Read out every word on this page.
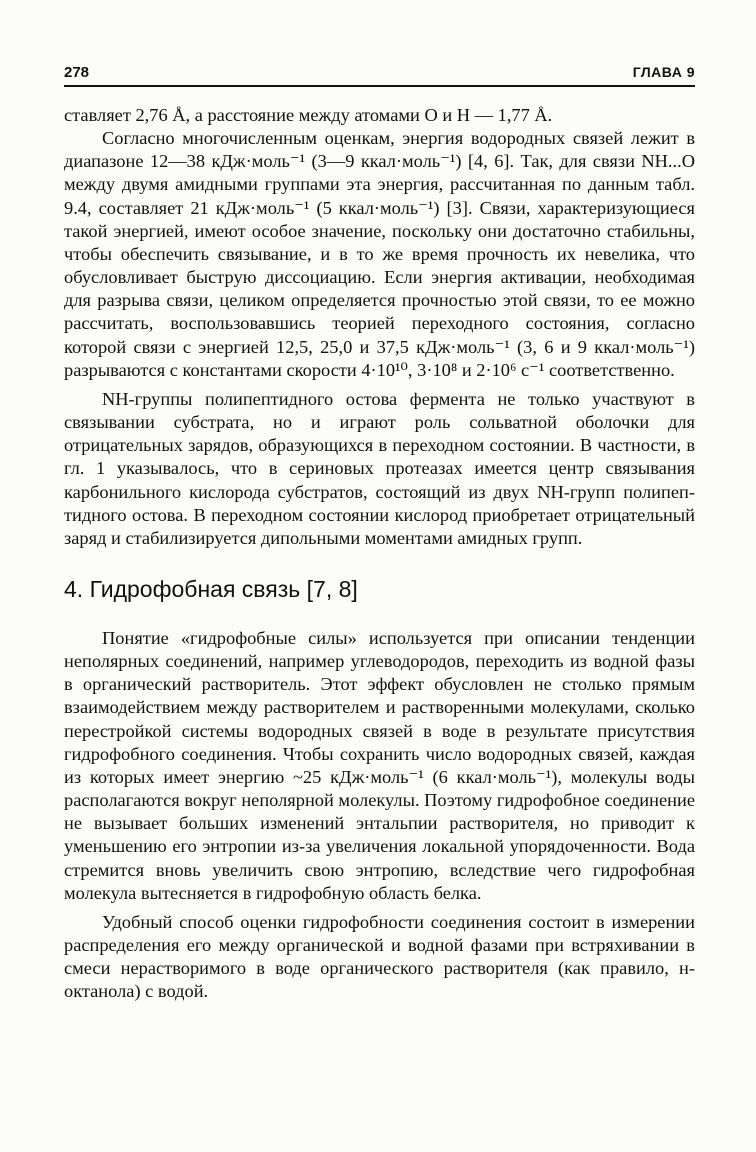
278	ГЛАВА 9

ставляет 2,76 Å, а расстояние между атомами O и H — 1,77 Å.

Согласно многочисленным оценкам, энергия водородных связей лежит в диапазоне 12—38 кДж·моль⁻¹ (3—9 ккал·моль⁻¹) [4, 6]. Так, для связи NH...O между двумя амидными группами эта энергия, рассчитанная по данным табл. 9.4, составляет 21 кДж·моль⁻¹ (5 ккал·моль⁻¹) [3]. Связи, характеризующиеся такой энергией, имеют особое значение, поскольку они достаточно стабильны, чтобы обеспечить связывание, и в то же время прочность их невелика, что обусловливает быструю диссоциацию. Если энергия активации, необходимая для разрыва связи, целиком определяется прочностью этой связи, то ее можно рассчитать, воспользовавшись теорией переходного состояния, согласно которой связи с энергией 12,5, 25,0 и 37,5 кДж·моль⁻¹ (3, 6 и 9 ккал·моль⁻¹) разрываются с константами скорости 4·10¹⁰, 3·10⁸ и 2·10⁶ с⁻¹ соответственно.

NH-группы полипептидного остова фермента не только участвуют в связывании субстрата, но и играют роль сольватной оболочки для отрицательных зарядов, образующихся в переходном состоянии. В частности, в гл. 1 указывалось, что в сериновых протеазах имеется центр связывания карбонильного кислорода субстратов, состоящий из двух NH-групп полипептидного остова. В переходном состоянии кислород приобретает отрицательный заряд и стабилизируется дипольными моментами амидных групп.

4. Гидрофобная связь [7, 8]

Понятие «гидрофобные силы» используется при описании тенденции неполярных соединений, например углеводородов, переходить из водной фазы в органический растворитель. Этот эффект обусловлен не столько прямым взаимодействием между растворителем и растворенными молекулами, сколько перестройкой системы водородных связей в воде в результате присутствия гидрофобного соединения. Чтобы сохранить число водородных связей, каждая из которых имеет энергию ~25 кДж·моль⁻¹ (6 ккал·моль⁻¹), молекулы воды располагаются вокруг неполярной молекулы. Поэтому гидрофобное соединение не вызывает больших изменений энтальпии растворителя, но приводит к уменьшению его энтропии из-за увеличения локальной упорядоченности. Вода стремится вновь увеличить свою энтропию, вследствие чего гидрофобная молекула вытесняется в гидрофобную область белка.

Удобный способ оценки гидрофобности соединения состоит в измерении распределения его между органической и водной фазами при встряхивании в смеси нерастворимого в воде органического растворителя (как правило, н-октанола) с водой.
